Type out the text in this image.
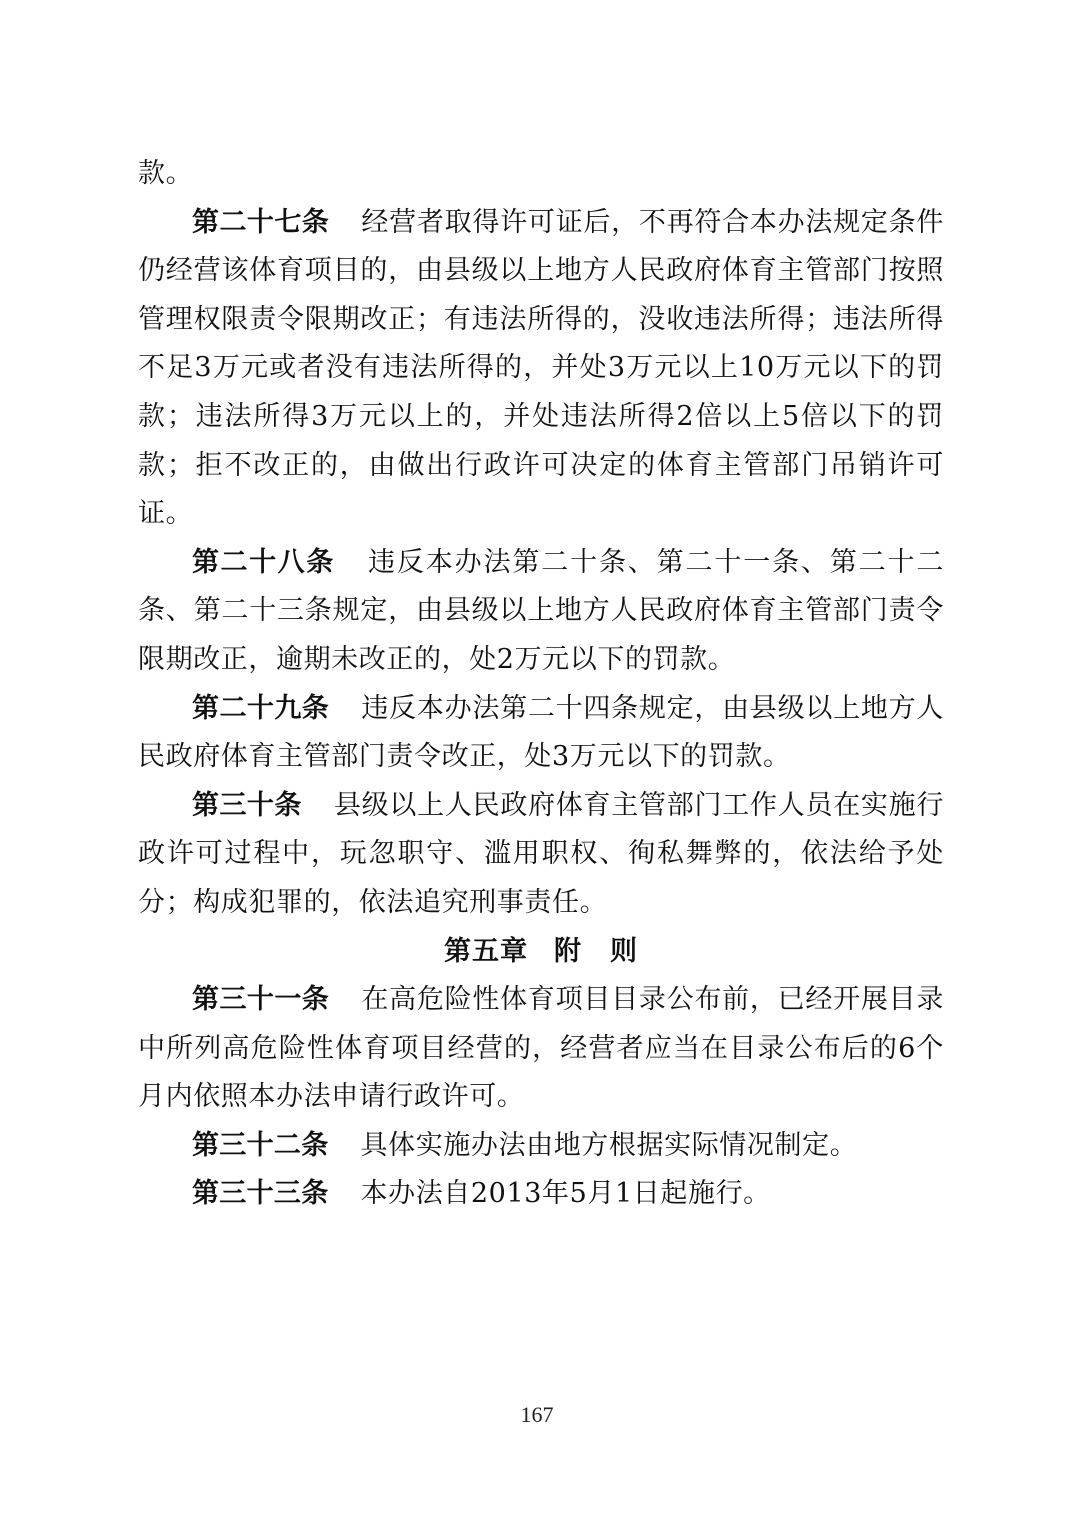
款。

第二十七条 经营者取得许可证后，不再符合本办法规定条件仍经营该体育项目的，由县级以上地方人民政府体育主管部门按照管理权限责令限期改正；有违法所得的，没收违法所得；违法所得不足3万元或者没有违法所得的，并处3万元以上10万元以下的罚款；违法所得3万元以上的，并处违法所得2倍以上5倍以下的罚款；拒不改正的，由做出行政许可决定的体育主管部门吊销许可证。

第二十八条 违反本办法第二十条、第二十一条、第二十二条、第二十三条规定，由县级以上地方人民政府体育主管部门责令限期改正，逾期未改正的，处2万元以下的罚款。

第二十九条 违反本办法第二十四条规定，由县级以上地方人民政府体育主管部门责令改正，处3万元以下的罚款。

第三十条 县级以上人民政府体育主管部门工作人员在实施行政许可过程中，玩忽职守、滥用职权、徇私舞弊的，依法给予处分；构成犯罪的，依法追究刑事责任。

第五章 附　则

第三十一条 在高危险性体育项目目录公布前，已经开展目录中所列高危险性体育项目经营的，经营者应当在目录公布后的6个月内依照本办法申请行政许可。

第三十二条 具体实施办法由地方根据实际情况制定。

第三十三条 本办法自2013年5月1日起施行。

167
